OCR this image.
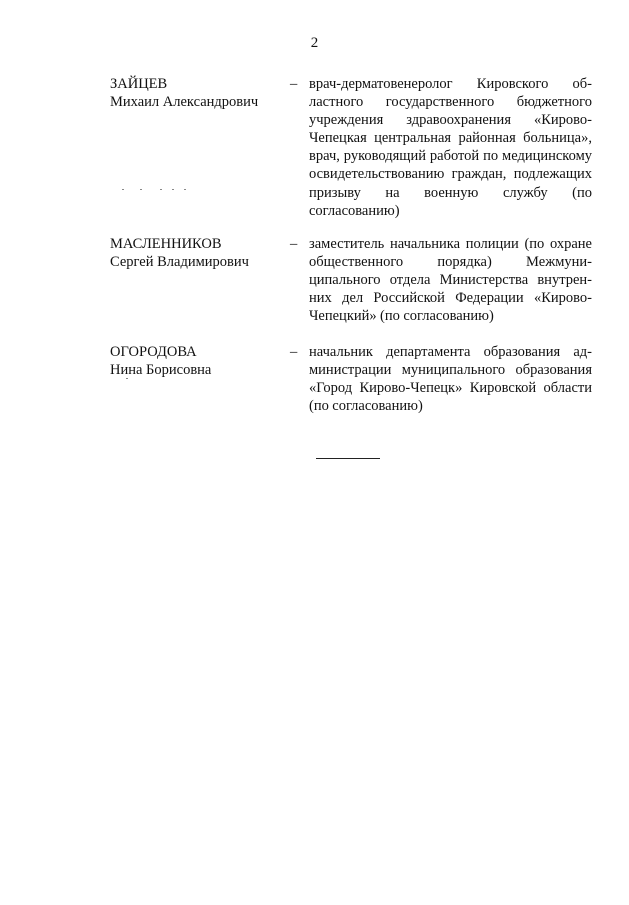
2
ЗАЙЦЕВ
Михаил Александрович
– врач-дерматовенеролог Кировского областного государственного бюджетного учреждения здравоохранения «Кирово-Чепецкая центральная районная больница», врач, руководящий работой по медицинскому освидетельствованию граждан, подлежащих призыву на военную службу (по согласованию)
МАСЛЕННИКОВ
Сергей Владимирович
– заместитель начальника полиции (по охране общественного порядка) Межмуниципального отдела Министерства внутренних дел Российской Федерации «Кирово-Чепецкий» (по согласованию)
ОГОРОДОВА
Нина Борисовна
– начальник департамента образования администрации муниципального образования «Город Кирово-Чепецк» Кировской области (по согласованию)
